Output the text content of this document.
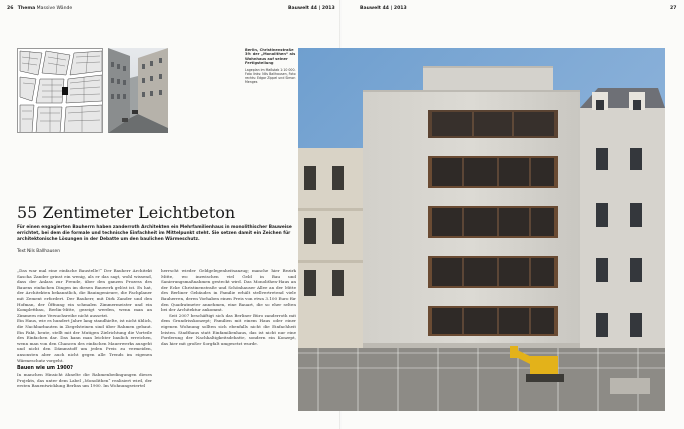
26 Thema Massive Wände	Bauwelt 44 | 2013
55 Zentimeter Leichtbeton
Für einen engagierten Bauherrn haben zanderroth Architekten ein Mehrfamilienhaus in monolithischer Bauweise errichtet, bei dem die formale und technische Einfachheit im Mittelpunkt steht. Sie setzen damit ein Zeichen für architektonische Lösungen in der Debatte um den baulichen Wärmeschutz.
Text Nils Ballhausen

„Das war mal eine einfache Baustelle!“ Der Bauherr Architekt Sascha Zander grinst ein wenig, als er das sagt, wohl wissend, dass der Anlass zur Freude, über den ganzen Prozess des Bauens einfachen Dingen im diesen Bauwerk gelöst ist. Es hat, der Architekten bekanntlich, die Bauingenieure, die Fachplaner mit Zement erfordert. Der Bauherr, mit Dirk Zander und den Hofman, der Öffnung ein schmalen Zimmermeister und ein Komplettbau, Berlin-Mitte, gezeigt werden, wenn man an Zimmern eine Versuchsreihe nicht aussetzt.

Ein Haus, wie es hundert Jahre lang standhielte, ist nicht üblich, die Nachbarbauten in Ziegelsteinen sind über Rahmen gebaut. Ein Fakt, heute, stellt mit der Mutigen Zielrichtung die Vorteile des Einfachen dar. Das kann man leichter baulich erreichen, wenn man von den Chancen des einfachen Mauerwerks ausgeht und nicht den Dämmstoff um jeden Preis zu vermeiden, ansonsten aber auch nicht gegen alle Trends im eigenen Wärmeschutz vorgeht.

Bauen wie um 1900?

In manchen Hinsicht ähnelte die Rahmenbedingungen dieses Projekts, das unter dem Label „Monolithen“ realisiert wird, der ersten Bauentwicklung Berlins um 1900. Im Wohnungsviertel

herrscht wieder Geldgelegenheitsanzug; manche hier Bezirk Mitte, wo inzwischen viel Geld in Bau und Sanierungsmaßnahmen gesteckt wird. Das Monolithen-Haus an der Ecke Christinenstraße und Schönhauser Allee an der Mitte des Berliner Gebäudes in Familie erhält stellvertretend viele Bauherren, deren Vorhaben einen Preis von etwa 3.100 Euro für den Quadratmeter annehmen, eine Bauart, die so eher selten bei der Architektur ankommt.

Seit 2007 beschäftigt sich das Berliner Büro zanderroth mit dem Grundrisskonzept; Familien mit einem Haus oder einer eigenen Wohnung sollten sich ebenfalls nicht die Einfachheit leisten. Stadthaus statt Einfamilienhaus, das ist nicht nur eine Forderung der Nachhaltigkeitsdebatte, sondern ein Konzept, das hier mit großer Sorgfalt umgesetzt wurde.

Berlin, Christinenstraße 39: der „Monolithen“ als Wohnhaus auf seiner Fertigstellung
Lageplan im Maßstab 1:10 000. Foto links: Nils Ballhausen, Foto rechts: Edgar Zippel und Simon Menges
Bauwelt 44 | 2013	27
